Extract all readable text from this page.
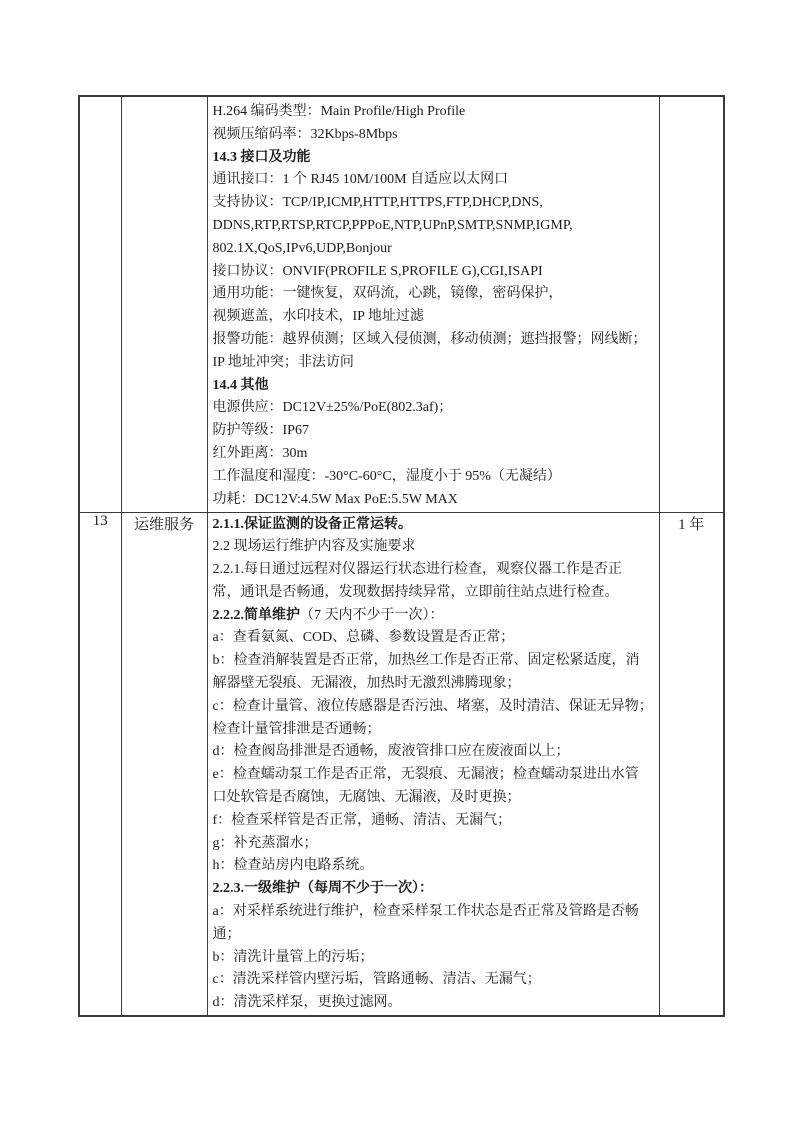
H.264 编码类型：Main Profile/High Profile
视频压缩码率：32Kbps-8Mbps
14.3 接口及功能
通讯接口：1 个 RJ45 10M/100M 自适应以太网口
支持协议：TCP/IP,ICMP,HTTP,HTTPS,FTP,DHCP,DNS,
DDNS,RTP,RTSP,RTCP,PPPoE,NTP,UPnP,SMTP,SNMP,IGMP,
802.1X,QoS,IPv6,UDP,Bonjour
接口协议：ONVIF(PROFILE S,PROFILE G),CGI,ISAPI
通用功能：一键恢复，双码流，心跳，镜像，密码保护，
视频遮盖，水印技术，IP 地址过滤
报警功能：越界侦测；区域入侵侦测，移动侦测；遮挡报警；网线断；
IP 地址冲突；非法访问
14.4 其他
电源供应：DC12V±25%/PoE(802.3af)；
防护等级：IP67
红外距离：30m
工作温度和湿度：-30°C-60°C，湿度小于 95%（无凝结）
功耗：DC12V:4.5W Max PoE:5.5W MAX

13	运维服务	2.1.1.保证监测的设备正常运转。
2.2 现场运行维护内容及实施要求
2.2.1.每日通过远程对仪器运行状态进行检查，观察仪器工作是否正
常，通讯是否畅通，发现数据持续异常，立即前往站点进行检查。
2.2.2.简单维护（7 天内不少于一次）：
a：查看氨氮、COD、总磷、参数设置是否正常；
b：检查消解装置是否正常，加热丝工作是否正常、固定松紧适度，消
解器壁无裂痕、无漏液，加热时无激烈沸腾现象；
c：检查计量管、液位传感器是否污浊、堵塞，及时清洁、保证无异物；
检查计量管排泄是否通畅；
d：检查阀岛排泄是否通畅，废液管排口应在废液面以上；
e：检查蠕动泵工作是否正常，无裂痕、无漏液；检查蠕动泵进出水管
口处软管是否腐蚀，无腐蚀、无漏液，及时更换；
f：检查采样管是否正常，通畅、清洁、无漏气；
g：补充蒸溜水；
h：检查站房内电路系统。
2.2.3.一级维护（每周不少于一次）：
a：对采样系统进行维护，检查采样泵工作状态是否正常及管路是否畅
通；
b：清洗计量管上的污垢；
c：清洗采样管内壁污垢，管路通畅、清洁、无漏气；
d：清洗采样泵，更换过滤网。
	1 年
